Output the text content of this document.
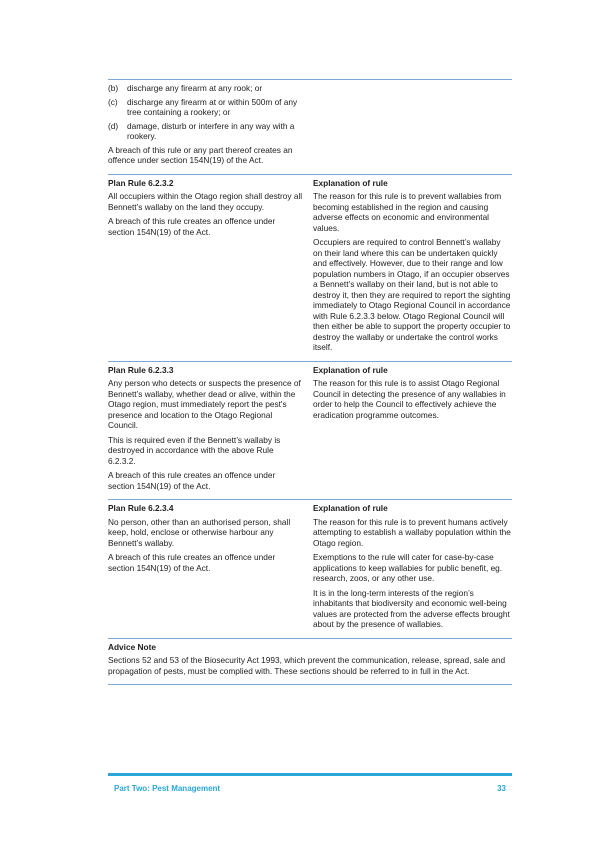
(b)	discharge any firearm at any rook; or
(c)	discharge any firearm at or within 500m of any tree containing a rookery; or
(d)	damage, disturb or interfere in any way with a rookery.

A breach of this rule or any part thereof creates an offence under section 154N(19) of the Act.

Plan Rule 6.2.3.2

All occupiers within the Otago region shall destroy all Bennett’s wallaby on the land they occupy.

A breach of this rule creates an offence under section 154N(19) of the Act.

Explanation of rule

The reason for this rule is to prevent wallabies from becoming established in the region and causing adverse effects on economic and environmental values.

Occupiers are required to control Bennett’s wallaby on their land where this can be undertaken quickly and effectively. However, due to their range and low population numbers in Otago, if an occupier observes a Bennett’s wallaby on their land, but is not able to destroy it, then they are required to report the sighting immediately to Otago Regional Council in accordance with Rule 6.2.3.3 below. Otago Regional Council will then either be able to support the property occupier to destroy the wallaby or undertake the control works itself.

Plan Rule 6.2.3.3

Any person who detects or suspects the presence of Bennett’s wallaby, whether dead or alive, within the Otago region, must immediately report the pest's presence and location to the Otago Regional Council.

This is required even if the Bennett’s wallaby is destroyed in accordance with the above Rule 6.2.3.2.

A breach of this rule creates an offence under section 154N(19) of the Act.

Explanation of rule

The reason for this rule is to assist Otago Regional Council in detecting the presence of any wallabies in order to help the Council to effectively achieve the eradication programme outcomes.

Plan Rule 6.2.3.4

No person, other than an authorised person, shall keep, hold, enclose or otherwise harbour any Bennett’s wallaby.

A breach of this rule creates an offence under section 154N(19) of the Act.

Explanation of rule

The reason for this rule is to prevent humans actively attempting to establish a wallaby population within the Otago region.

Exemptions to the rule will cater for case-by-case applications to keep wallabies for public benefit, eg. research, zoos, or any other use.

It is in the long-term interests of the region’s inhabitants that biodiversity and economic well-being values are protected from the adverse effects brought about by the presence of wallabies.

Advice Note

Sections 52 and 53 of the Biosecurity Act 1993, which prevent the communication, release, spread, sale and propagation of pests, must be complied with. These sections should be referred to in full in the Act.

Part Two: Pest Management	33
